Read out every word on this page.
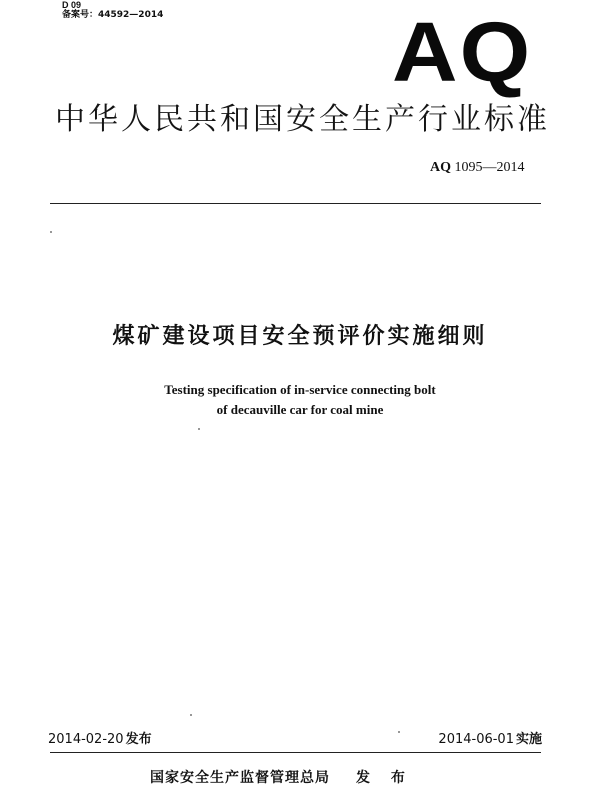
D 09
备案号：44592—2014	AQ
中华人民共和国安全生产行业标准
AQ 1095—2014
煤矿建设项目安全预评价实施细则
Testing specification of in-service connecting bolt
of decauville car for coal mine
2014-02-20 发布	2014-06-01 实施
国家安全生产监督管理总局 发 布
